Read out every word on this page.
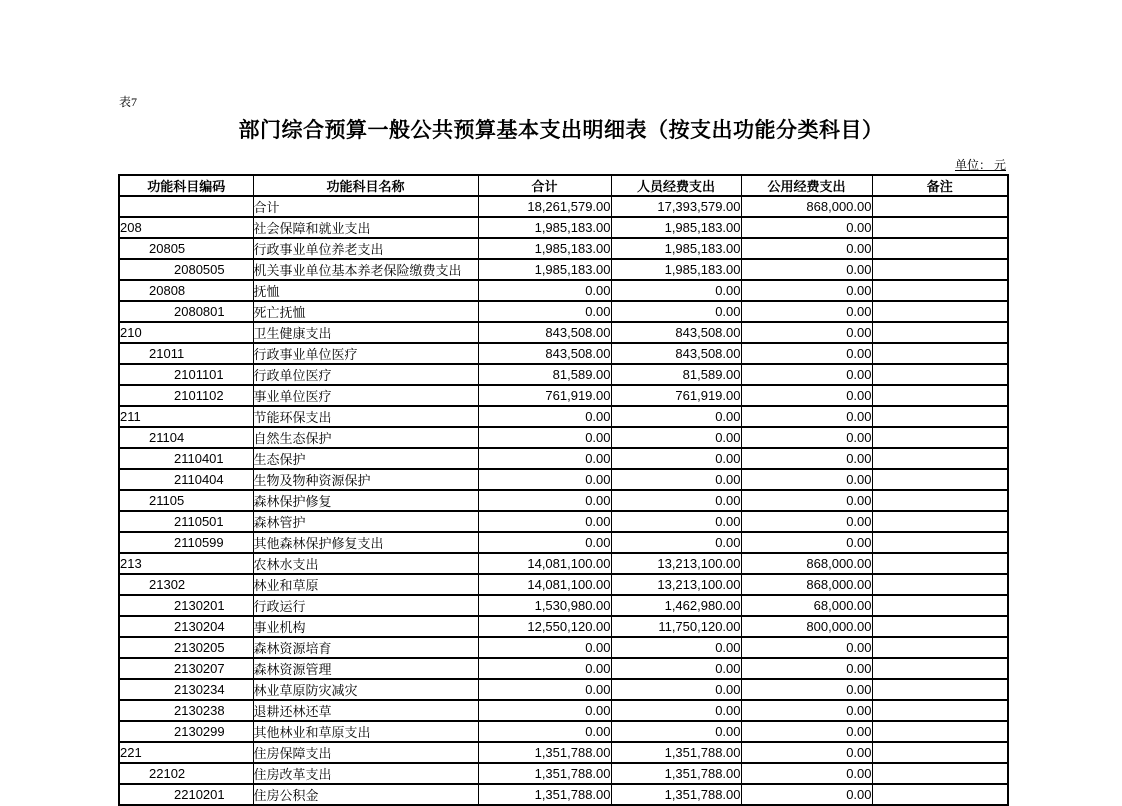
表7
部门综合预算一般公共预算基本支出明细表（按支出功能分类科目）
单位： 元
功能科目编码	功能科目名称	合计	人员经费支出	公用经费支出	备注
	合计	18,261,579.00	17,393,579.00	868,000.00	
208	社会保障和就业支出	1,985,183.00	1,985,183.00	0.00	
20805	行政事业单位养老支出	1,985,183.00	1,985,183.00	0.00	
2080505	机关事业单位基本养老保险缴费支出	1,985,183.00	1,985,183.00	0.00	
20808	抚恤	0.00	0.00	0.00	
2080801	死亡抚恤	0.00	0.00	0.00	
210	卫生健康支出	843,508.00	843,508.00	0.00	
21011	行政事业单位医疗	843,508.00	843,508.00	0.00	
2101101	行政单位医疗	81,589.00	81,589.00	0.00	
2101102	事业单位医疗	761,919.00	761,919.00	0.00	
211	节能环保支出	0.00	0.00	0.00	
21104	自然生态保护	0.00	0.00	0.00	
2110401	生态保护	0.00	0.00	0.00	
2110404	生物及物种资源保护	0.00	0.00	0.00	
21105	森林保护修复	0.00	0.00	0.00	
2110501	森林管护	0.00	0.00	0.00	
2110599	其他森林保护修复支出	0.00	0.00	0.00	
213	农林水支出	14,081,100.00	13,213,100.00	868,000.00	
21302	林业和草原	14,081,100.00	13,213,100.00	868,000.00	
2130201	行政运行	1,530,980.00	1,462,980.00	68,000.00	
2130204	事业机构	12,550,120.00	11,750,120.00	800,000.00	
2130205	森林资源培育	0.00	0.00	0.00	
2130207	森林资源管理	0.00	0.00	0.00	
2130234	林业草原防灾减灾	0.00	0.00	0.00	
2130238	退耕还林还草	0.00	0.00	0.00	
2130299	其他林业和草原支出	0.00	0.00	0.00	
221	住房保障支出	1,351,788.00	1,351,788.00	0.00	
22102	住房改革支出	1,351,788.00	1,351,788.00	0.00	
2210201	住房公积金	1,351,788.00	1,351,788.00	0.00	
